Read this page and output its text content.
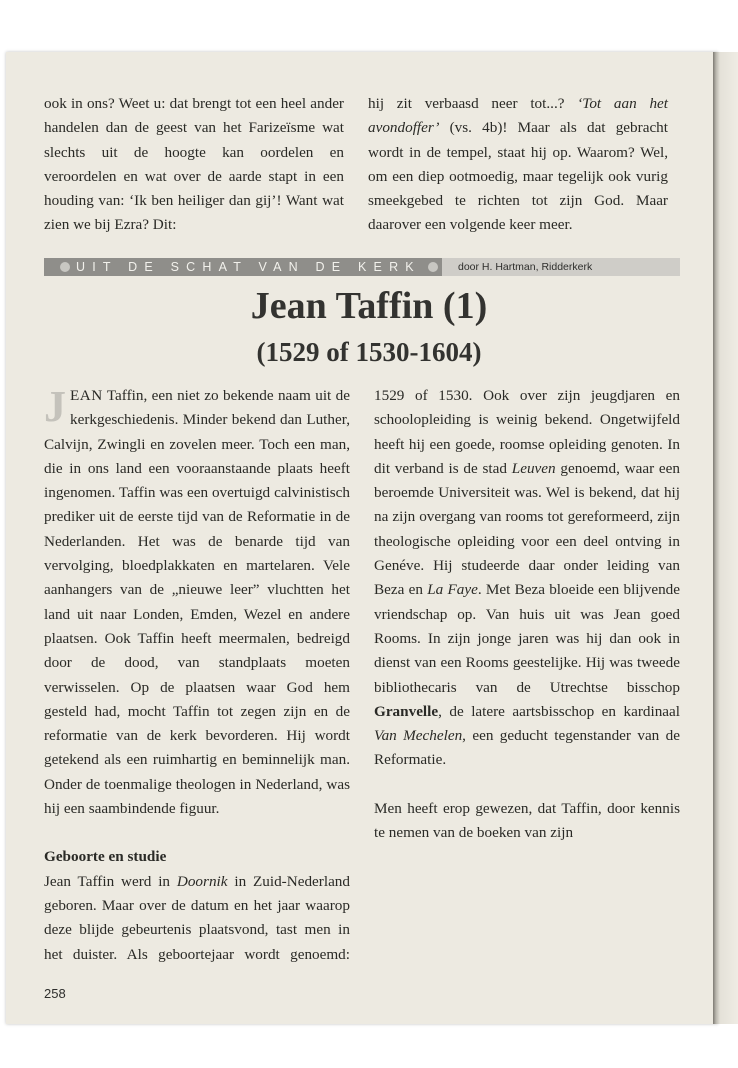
ook in ons? Weet u: dat brengt tot een heel ander handelen dan de geest van het Farizeïsme wat slechts uit de hoogte kan oordelen en veroordelen en wat over de aarde stapt in een houding van: ‘Ik ben heiliger dan gij’! Want wat zien we bij Ezra? Dit:

hij zit verbaasd neer tot...? ‘Tot aan het avondoffer’ (vs. 4b)! Maar als dat gebracht wordt in de tempel, staat hij op. Waarom? Wel, om een diep ootmoedig, maar tegelijk ook vurig smeekgebed te richten tot zijn God. Maar daarover een volgende keer meer.

UIT DE SCHAT VAN DE KERK	door H. Hartman, Ridderkerk
Jean Taffin (1)
(1529 of 1530-1604)

JEAN Taffin, een niet zo bekende naam uit de kerkgeschiedenis. Minder bekend dan Luther, Calvijn, Zwingli en zovelen meer. Toch een man, die in ons land een vooraanstaande plaats heeft ingenomen. Taffin was een overtuigd calvinistisch prediker uit de eerste tijd van de Reformatie in de Nederlanden. Het was de benarde tijd van vervolging, bloedplakkaten en martelaren. Vele aanhangers van de „nieuwe leer” vluchtten het land uit naar Londen, Emden, Wezel en andere plaatsen. Ook Taffin heeft meermalen, bedreigd door de dood, van standplaats moeten verwisselen. Op de plaatsen waar God hem gesteld had, mocht Taffin tot zegen zijn en de reformatie van de kerk bevorderen. Hij wordt getekend als een ruimhartig en beminnelijk man. Onder de toenmalige theologen in Nederland, was hij een saambindende figuur.

Geboorte en studie

Jean Taffin werd in Doornik in Zuid-Nederland geboren. Maar over de datum en het jaar waarop deze blijde gebeurtenis plaatsvond, tast men in het duister. Als geboortejaar wordt genoemd: 1529 of 1530. Ook over zijn jeugdjaren en schoolopleiding is weinig bekend. Ongetwijfeld heeft hij een goede, roomse opleiding genoten. In dit verband is de stad Leuven genoemd, waar een beroemde Universiteit was. Wel is bekend, dat hij na zijn overgang van rooms tot gereformeerd, zijn theologische opleiding voor een deel ontving in Genéve. Hij studeerde daar onder leiding van Beza en La Faye. Met Beza bloeide een blijvende vriendschap op. Van huis uit was Jean goed Rooms. In zijn jonge jaren was hij dan ook in dienst van een Rooms geestelijke. Hij was tweede bibliothecaris van de Utrechtse bisschop Granvelle, de latere aartsbisschop en kardinaal Van Mechelen, een geducht tegenstander van de Reformatie.

Men heeft erop gewezen, dat Taffin, door kennis te nemen van de boeken van zijn

258
